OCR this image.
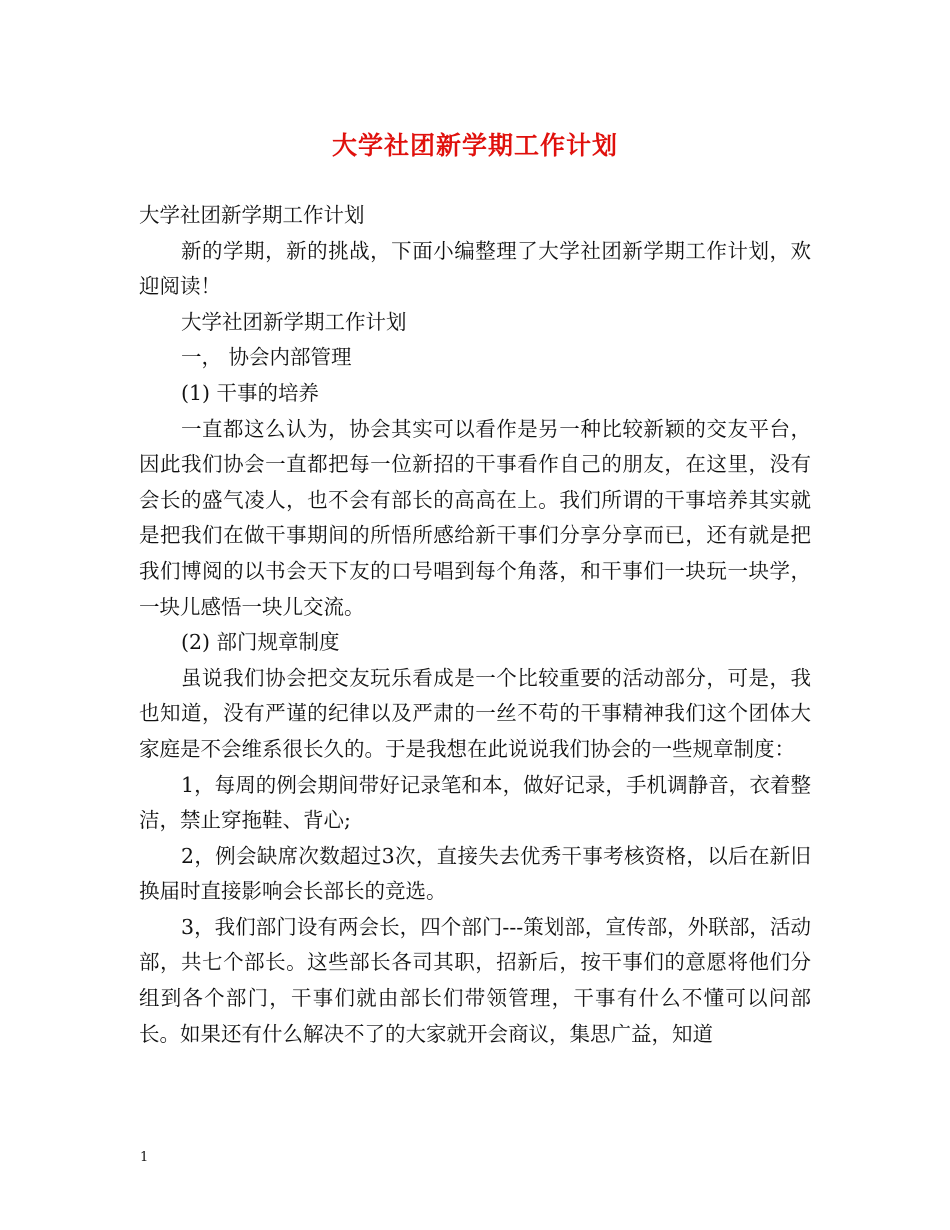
大学社团新学期工作计划

大学社团新学期工作计划

新的学期，新的挑战，下面小编整理了大学社团新学期工作计划，欢迎阅读！

大学社团新学期工作计划

一， 协会内部管理

(1) 干事的培养

一直都这么认为，协会其实可以看作是另一种比较新颖的交友平台，因此我们协会一直都把每一位新招的干事看作自己的朋友，在这里，没有会长的盛气凌人，也不会有部长的高高在上。我们所谓的干事培养其实就是把我们在做干事期间的所悟所感给新干事们分享分享而已，还有就是把我们博阅的以书会天下友的口号唱到每个角落，和干事们一块玩一块学，一块儿感悟一块儿交流。

(2) 部门规章制度

虽说我们协会把交友玩乐看成是一个比较重要的活动部分，可是，我也知道，没有严谨的纪律以及严肃的一丝不苟的干事精神我们这个团体大家庭是不会维系很长久的。于是我想在此说说我们协会的一些规章制度：

1，每周的例会期间带好记录笔和本，做好记录，手机调静音，衣着整洁，禁止穿拖鞋、背心;

2，例会缺席次数超过3次，直接失去优秀干事考核资格，以后在新旧换届时直接影响会长部长的竞选。

3，我们部门设有两会长，四个部门---策划部，宣传部，外联部，活动部，共七个部长。这些部长各司其职，招新后，按干事们的意愿将他们分组到各个部门，干事们就由部长们带领管理，干事有什么不懂可以问部长。如果还有什么解决不了的大家就开会商议，集思广益，知道

1
